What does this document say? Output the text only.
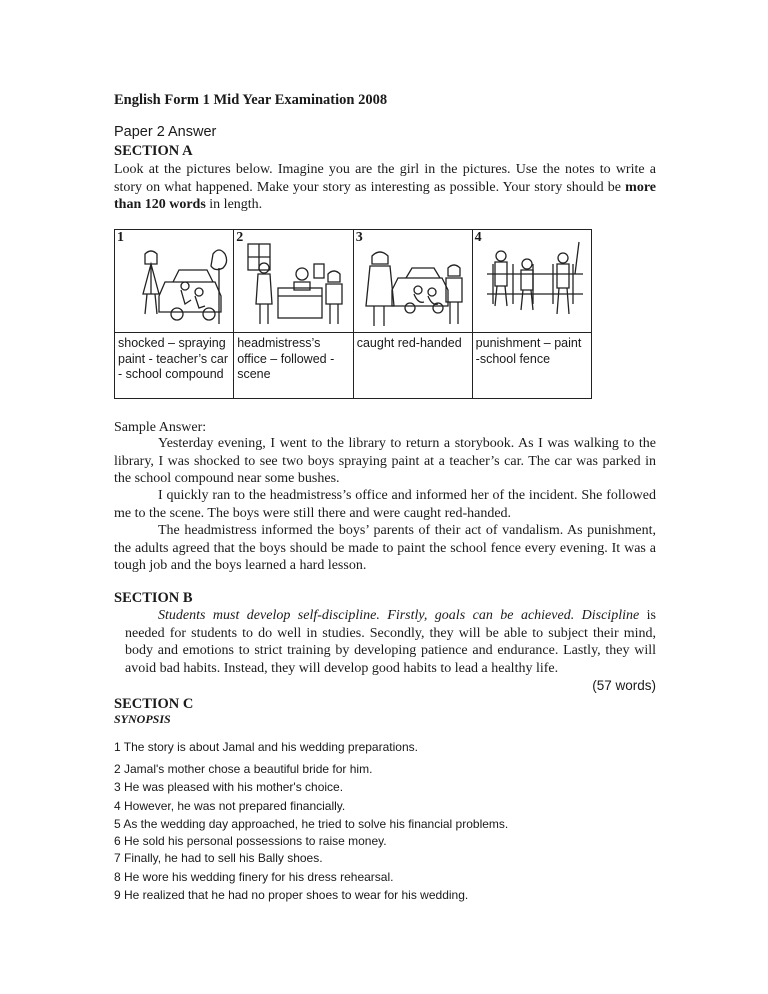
English Form 1 Mid Year Examination 2008
Paper 2 Answer
SECTION A

Look at the pictures below. Imagine you are the girl in the pictures. Use the notes to write a story on what happened. Make your story as interesting as possible. Your story should be more than 120 words in length.

1	2	3	4

shocked – spraying paint - teacher’s car - school compound	headmistress’s office – followed - scene	caught red-handed	punishment – paint -school fence
Sample Answer:

Yesterday evening, I went to the library to return a storybook. As I was walking to the library, I was shocked to see two boys spraying paint at a teacher’s car. The car was parked in the school compound near some bushes.

I quickly ran to the headmistress’s office and informed her of the incident. She followed me to the scene. The boys were still there and were caught red-handed.

The headmistress informed the boys’ parents of their act of vandalism. As punishment, the adults agreed that the boys should be made to paint the school fence every evening. It was a tough job and the boys learned a hard lesson.

SECTION B

Students must develop self-discipline. Firstly, goals can be achieved. Discipline is needed for students to do well in studies. Secondly, they will be able to subject their mind, body and emotions to strict training by developing patience and endurance. Lastly, they will avoid bad habits. Instead, they will develop good habits to lead a healthy life.

(57 words)
SECTION C
SYNOPSIS
1 The story is about Jamal and his wedding preparations.
2 Jamal's mother chose a beautiful bride for him.
3 He was pleased with his mother's choice.
4 However, he was not prepared financially.
5 As the wedding day approached, he tried to solve his financial problems.
6 He sold his personal possessions to raise money.
7 Finally, he had to sell his Bally shoes.
8 He wore his wedding finery for his dress rehearsal.
9 He realized that he had no proper shoes to wear for his wedding.
